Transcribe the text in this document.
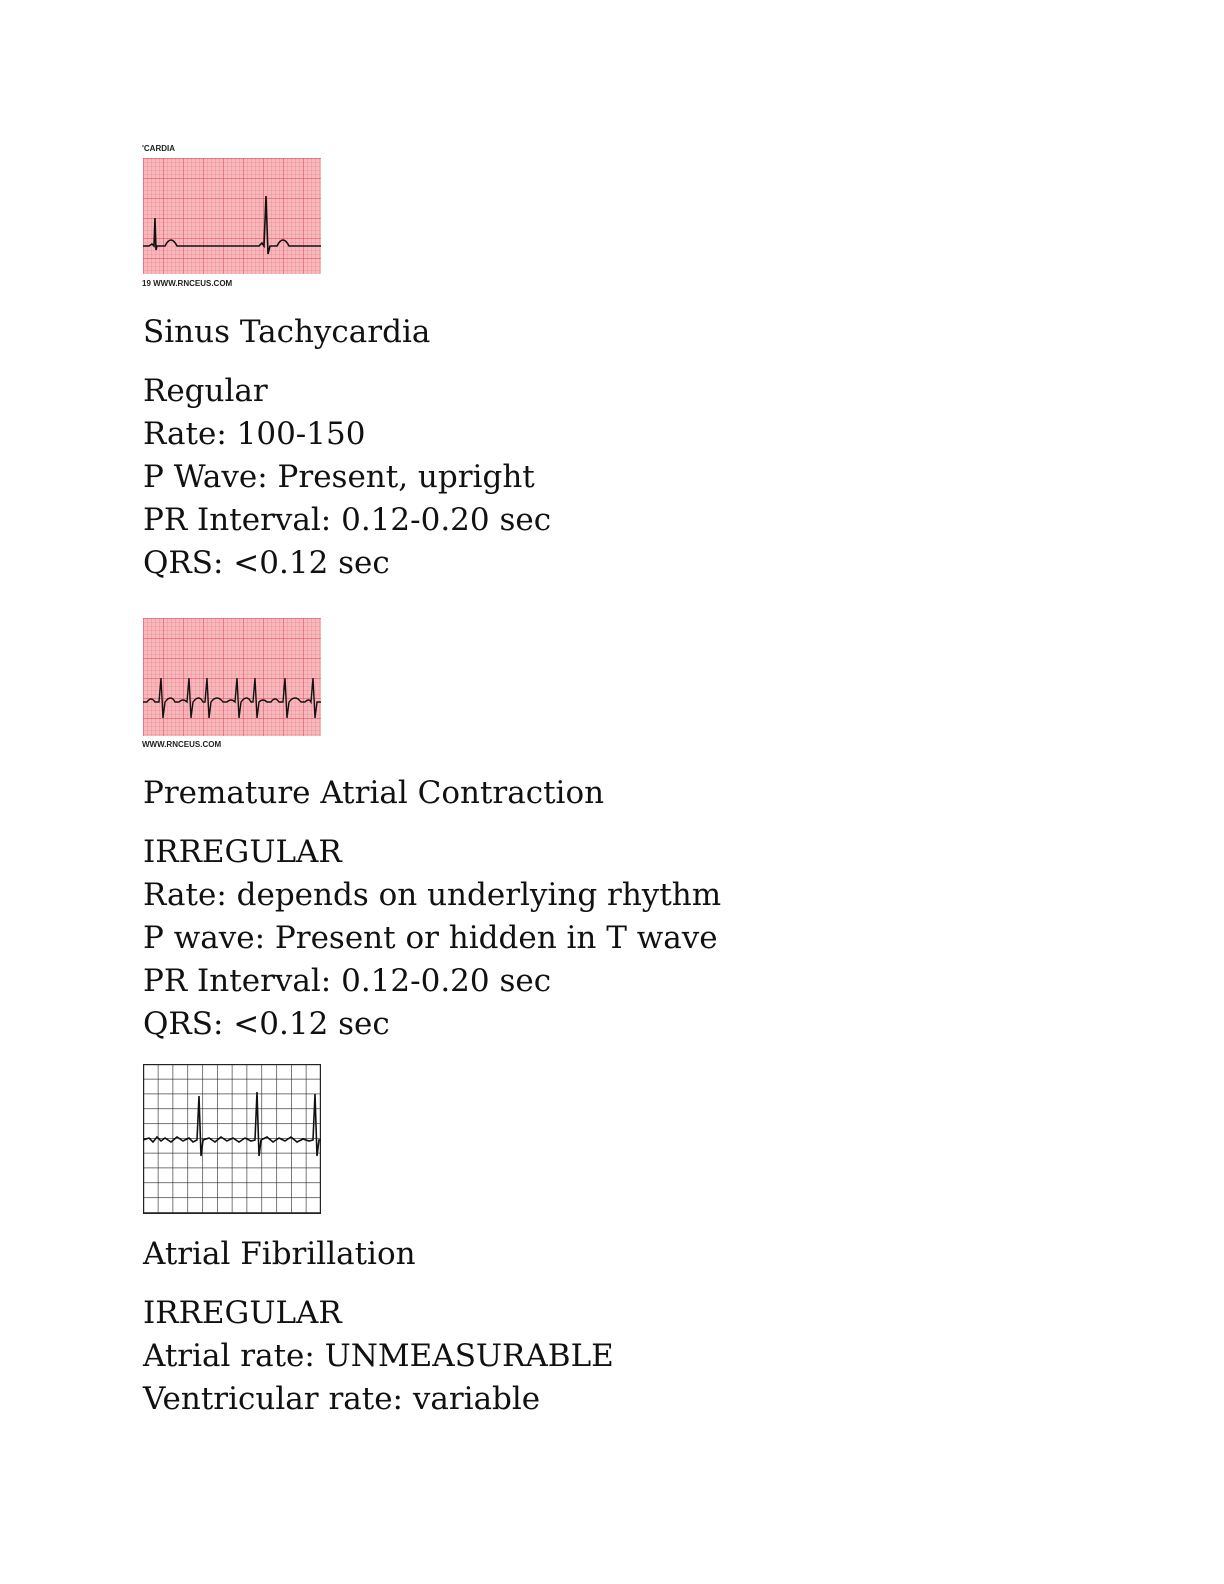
'CARDIA
19 WWW.RNCEUS.COM
Sinus Tachycardia
Regular
Rate: 100-150
P Wave: Present, upright
PR Interval: 0.12-0.20 sec
QRS: <0.12 sec
WWW.RNCEUS.COM
Premature Atrial Contraction
IRREGULAR
Rate: depends on underlying rhythm
P wave: Present or hidden in T wave
PR Interval: 0.12-0.20 sec
QRS: <0.12 sec
Atrial Fibrillation
IRREGULAR
Atrial rate: UNMEASURABLE
Ventricular rate: variable
